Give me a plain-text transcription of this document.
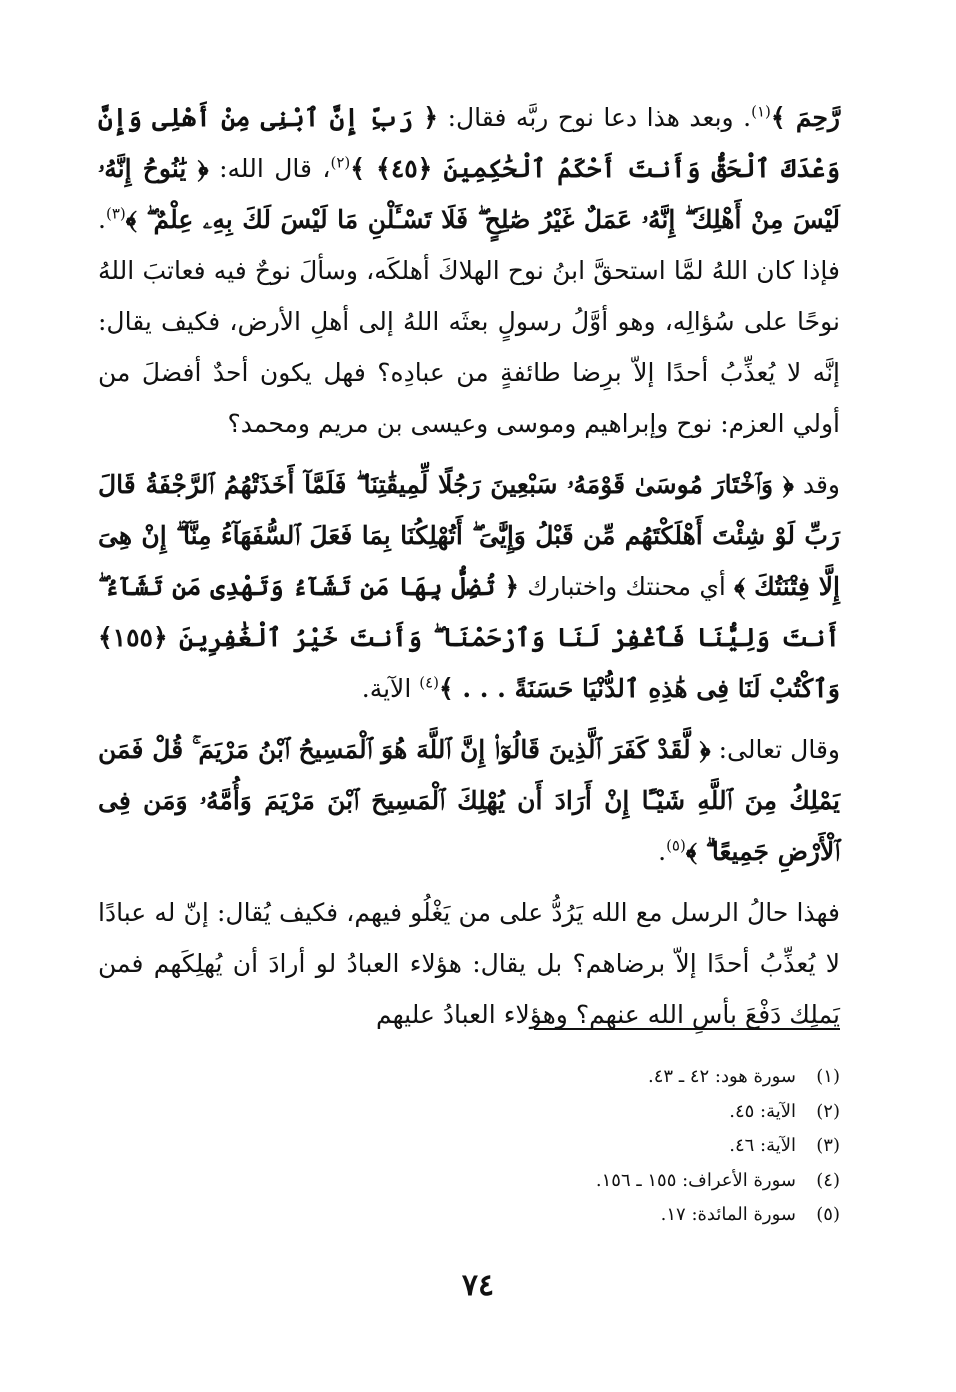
رَّحِمَ ﴾$^{(١)}$. وبعد هذا دعا نوح ربَّه فقال: ﴿ رَبِّ إِنَّ ٱبْنِى مِنْ أَهْلِى وَإِنَّ وَعْدَكَ ٱلْحَقُّ وَأَنتَ أَحْكَمُ ٱلْحَٰكِمِينَ ﴿٤٥﴾ ﴾$^{(٢)}$، قال الله: ﴿ يَٰنُوحُ إِنَّهُۥ لَيْسَ مِنْ أَهْلِكَ ۖ إِنَّهُۥ عَمَلٌ غَيْرُ صَٰلِحٍ ۖ فَلَا تَسْـَٔلْنِ مَا لَيْسَ لَكَ بِهِۦ عِلْمٌ ۖ ﴾$^{(٣)}$. فإذا كان اللهُ لمَّا استحقَّ ابنُ نوح الهلاكَ أهلكَه، وسألَ نوحٌ فيه فعاتبَ اللهُ نوحًا على سُؤالِه، وهو أوَّلُ رسولٍ بعثَه اللهُ إلى أهلِ الأرض، فكيف يقال: إنَّه لا يُعذِّبُ أحدًا إلاّ برِضا طائفةٍ من عبادِه؟ فهل يكون أحدٌ أفضلَ من أولي العزم: نوح وإبراهيم وموسى وعيسى بن مريم ومحمد؟

وقد ﴿ وَٱخْتَارَ مُوسَىٰ قَوْمَهُۥ سَبْعِينَ رَجُلًا لِّمِيقَٰتِنَا ۖ فَلَمَّآ أَخَذَتْهُمُ ٱلرَّجْفَةُ قَالَ رَبِّ لَوْ شِئْتَ أَهْلَكْتَهُم مِّن قَبْلُ وَإِيَّٰىَ ۖ أَتُهْلِكُنَا بِمَا فَعَلَ ٱلسُّفَهَآءُ مِنَّآ ۖ إِنْ هِىَ إِلَّا فِتْنَتُكَ ﴾ أي محنتك واختبارك ﴿ تُضِلُّ بِهَا مَن تَشَآءُ وَتَهْدِى مَن تَشَآءُ ۖ أَنتَ وَلِيُّنَا فَٱغْفِرْ لَنَا وَٱرْحَمْنَا ۖ وَأَنتَ خَيْرُ ٱلْغَٰفِرِينَ ﴿١٥٥﴾ وَٱكْتُبْ لَنَا فِى هَٰذِهِ ٱلدُّنْيَا حَسَنَةً . . . ﴾$^{(٤)}$ الآية.

وقال تعالى: ﴿ لَّقَدْ كَفَرَ ٱلَّذِينَ قَالُوٓا۟ إِنَّ ٱللَّهَ هُوَ ٱلْمَسِيحُ ٱبْنُ مَرْيَمَ ۚ قُلْ فَمَن يَمْلِكُ مِنَ ٱللَّهِ شَيْـًٔا إِنْ أَرَادَ أَن يُهْلِكَ ٱلْمَسِيحَ ٱبْنَ مَرْيَمَ وَأُمَّهُۥ وَمَن فِى ٱلْأَرْضِ جَمِيعًا ۗ ﴾$^{(٥)}$.

فهذا حالُ الرسل مع الله يَرُدُّ على من يَغْلُو فيهم، فكيف يُقال: إنّ له عبادًا لا يُعذِّبُ أحدًا إلاّ برضاهم؟ بل يقال: هؤلاء العبادُ لو أرادَ أن يُهلِكَهم فمن يَملِك دَفْعَ بأسِ الله عنهم؟ وهؤلاء العبادُ عليهم

(١)سورة هود: ٤٢ ـ ٤٣.

(٢)الآية: ٤٥.

(٣)الآية: ٤٦.

(٤)سورة الأعراف: ١٥٥ ـ ١٥٦.

(٥)سورة المائدة: ١٧.

٧٤
